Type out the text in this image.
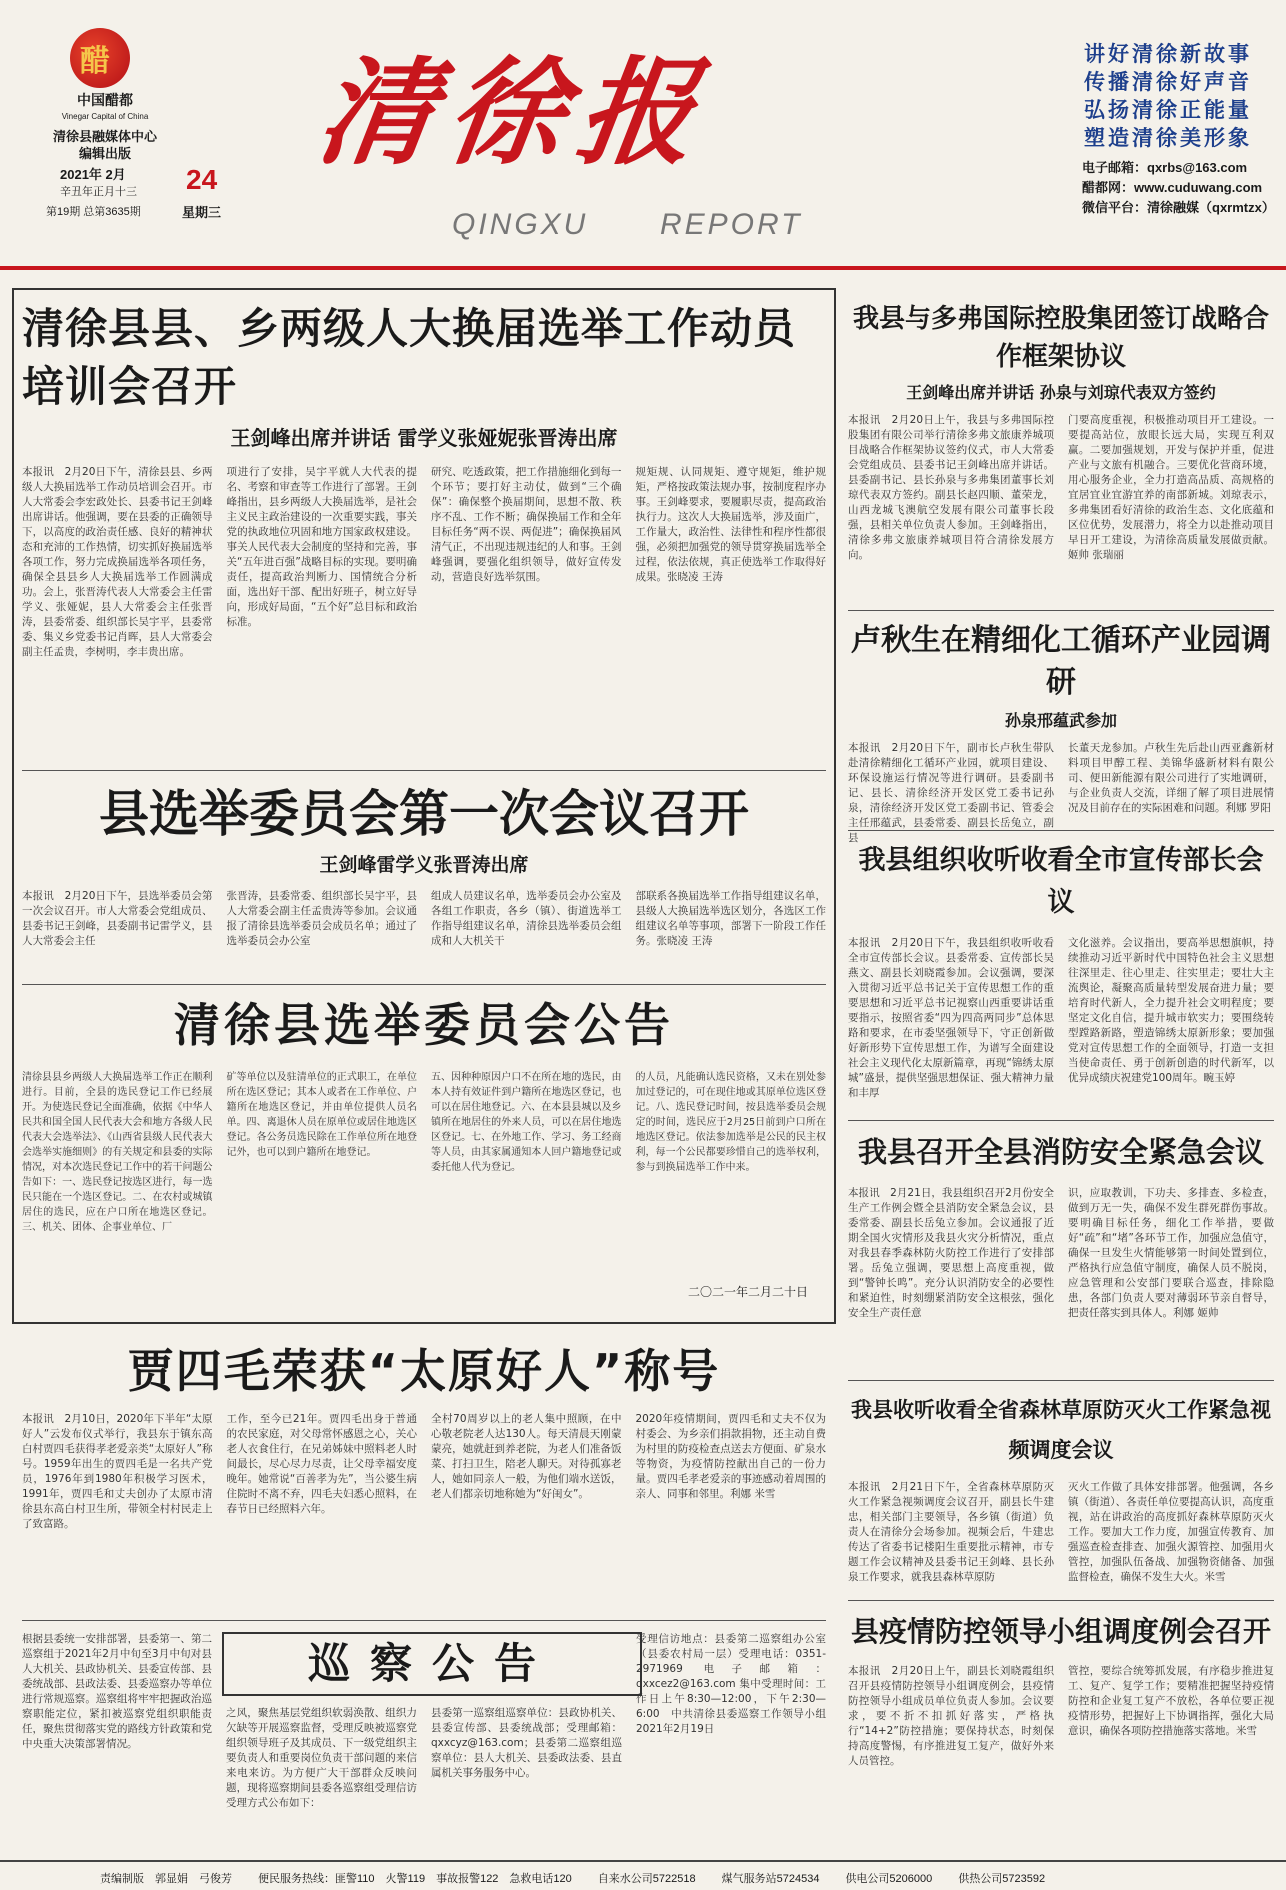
醋
中国醋都
Vinegar Capital of China
清徐县融媒体中心
编辑出版
2021年 2月
辛丑年正月十三
第19期 总第3635期
24
星期三
清徐报
QINGXU REPORT
讲好清徐新故事
传播清徐好声音
弘扬清徐正能量
塑造清徐美形象
电子邮箱：qxrbs@163.com
醋都网：www.cuduwang.com
微信平台：清徐融媒（qxrmtzx）
清徐县县、乡两级人大换届选举工作动员培训会召开
王剑峰出席并讲话 雷学义张娅妮张晋涛出席

本报讯　2月20日下午，清徐县县、乡两级人大换届选举工作动员培训会召开。市人大常委会李宏政处长、县委书记王剑峰出席讲话。他强调，要在县委的正确领导下，以高度的政治责任感、良好的精神状态和充沛的工作热情，切实抓好换届选举各项工作，努力完成换届选举各项任务，确保全县县乡人大换届选举工作圆满成功。会上，张晋涛代表人大常委会主任雷学义、张娅妮，县人大常委会主任张晋涛，县委常委、组织部长吴宇平，县委常委、集义乡党委书记肖晖，县人大常委会副主任孟贵，李树明，李丰贵出席。

项进行了安排，吴宇平就人大代表的提名、考察和审查等工作进行了部署。王剑峰指出，县乡两级人大换届选举，是社会主义民主政治建设的一次重要实践，事关党的执政地位巩固和地方国家政权建设。事关人民代表大会制度的坚持和完善，事关“五年进百强”战略目标的实现。要明确责任，提高政治判断力、国情统合分析面，选出好干部、配出好班子，树立好导向，形成好局面，“五个好”总目标和政治标准。

研究、吃透政策，把工作措施细化到每一个环节；要打好主动仗，做到“三个确保”：确保整个换届期间，思想不散、秩序不乱、工作不断；确保换届工作和全年目标任务“两不误、两促进”；确保换届风清气正，不出现违规违纪的人和事。王剑峰强调，要强化组织领导，做好宣传发动，营造良好选举氛围。

规矩规、认同规矩、遵守规矩，维护规矩，严格按政策法规办事，按制度程序办事。王剑峰要求，要履职尽责，提高政治执行力。这次人大换届选举，涉及面广，工作量大，政治性、法律性和程序性都很强，必须把加强党的领导贯穿换届选举全过程，依法依规，真正使选举工作取得好成果。张晓凌 王涛

县选举委员会第一次会议召开
王剑峰雷学义张晋涛出席

本报讯　2月20日下午，县选举委员会第一次会议召开。市人大常委会党组成员、县委书记王剑峰，县委副书记雷学义，县人大常委会主任

张晋涛，县委常委、组织部长吴宇平，县人大常委会副主任孟贵涛等参加。会议通报了清徐县选举委员会成员名单；通过了选举委员会办公室

组成人员建议名单，选举委员会办公室及各组工作职责，各乡（镇）、街道选举工作指导组建议名单，清徐县选举委员会组成和人大机关干

部联系各换届选举工作指导组建议名单，县级人大换届选举选区划分，各选区工作组建议名单等事项，部署下一阶段工作任务。张晓凌 王涛

清徐县选举委员会公告

清徐县县乡两级人大换届选举工作正在顺利进行。目前，全县的选民登记工作已经展开。为使选民登记全面准确，依据《中华人民共和国全国人民代表大会和地方各级人民代表大会选举法》、《山西省县级人民代表大会选举实施细则》的有关规定和县委的实际情况，对本次选民登记工作中的若干问题公告如下：一、选民登记按选区进行，每一选民只能在一个选区登记。二、在农村或城镇居住的选民，应在户口所在地选区登记。三、机关、团体、企事业单位、厂

矿等单位以及驻清单位的正式职工，在单位所在选区登记；其本人或者在工作单位、户籍所在地选区登记，并由单位提供人员名单。四、离退休人员在原单位或居住地选区登记。各公务员选民除在工作单位所在地登记外，也可以到户籍所在地登记。

五、因种种原因户口不在所在地的选民，由本人持有效证件到户籍所在地选区登记，也可以在居住地登记。六、在本县县城以及乡镇所在地居住的外来人员，可以在居住地选区登记。七、在外地工作、学习、务工经商等人员，由其家属通知本人回户籍地登记或委托他人代为登记。

的人员，凡能确认选民资格，又未在别处参加过登记的，可在现住地或其原单位选区登记。八、选民登记时间，按县选举委员会规定的时间，选民应于2月25日前到户口所在地选区登记。依法参加选举是公民的民主权利，每一个公民都要珍惜自己的选举权利，参与到换届选举工作中来。

二〇二一年二月二十日
贾四毛荣获“太原好人”称号

本报讯　2月10日，2020年下半年“太原好人”云发布仪式举行，我县东于镇东高白村贾四毛获得孝老爱亲类“太原好人”称号。1959年出生的贾四毛是一名共产党员，1976年到1980年积极学习医术，1991年，贾四毛和丈夫创办了太原市清徐县东高白村卫生所，带领全村村民走上了致富路。

工作，至今已21年。贾四毛出身于普通的农民家庭，对父母常怀感恩之心，关心老人衣食住行，在兄弟姊妹中照料老人时间最长，尽心尽力尽责，让父母幸福安度晚年。她常说“百善孝为先”，当公婆生病住院时不离不弃，四毛夫妇悉心照料，在春节日已经照料六年。

全村70周岁以上的老人集中照顾，在中心敬老院老人达130人。每天清晨天刚蒙蒙亮，她就赶到养老院，为老人们准备饭菜、打扫卫生，陪老人聊天。对待孤寡老人，她如同亲人一般，为他们端水送饭，老人们都亲切地称她为“好闺女”。

2020年疫情期间，贾四毛和丈夫不仅为村委会、为乡亲们捐款捐物，还主动自费为村里的防疫检查点送去方便面、矿泉水等物资，为疫情防控献出自己的一份力量。贾四毛孝老爱亲的事迹感动着周围的亲人、同事和邻里。利娜 米雪

巡察公告

根据县委统一安排部署，县委第一、第二巡察组于2021年2月中旬至3月中旬对县人大机关、县政协机关、县委宣传部、县委统战部、县政法委、县委巡察办等单位进行常规巡察。巡察组将牢牢把握政治巡察职能定位，紧扣被巡察党组织职能责任，聚焦贯彻落实党的路线方针政策和党中央重大决策部署情况。

之风，聚焦基层党组织软弱涣散、组织力欠缺等开展巡察监督，受理反映被巡察党组织领导班子及其成员、下一级党组织主要负责人和重要岗位负责干部问题的来信来电来访。为方便广大干部群众反映问题，现将巡察期间县委各巡察组受理信访受理方式公布如下：

县委第一巡察组巡察单位：县政协机关、县委宣传部、县委统战部；受理邮箱：qxxcyz@163.com；县委第二巡察组巡察单位：县人大机关、县委政法委、县直属机关事务服务中心。

受理信访地点：县委第二巡察组办公室（县委农村局一层）受理电话：0351-2971969 电子邮箱：qxxcez2@163.com 集中受理时间：工作日上午8:30—12:00，下午2:30—6:00　中共清徐县委巡察工作领导小组　2021年2月19日

我县与多弗国际控股集团签订战略合作框架协议
王剑峰出席并讲话 孙泉与刘琼代表双方签约

本报讯　2月20日上午，我县与多弗国际控股集团有限公司举行清徐多弗文旅康养城项目战略合作框架协议签约仪式，市人大常委会党组成员、县委书记王剑峰出席并讲话。县委副书记、县长孙泉与多弗集团董事长刘琼代表双方签约。副县长赵四顺、董荣龙，山西龙城飞澳航空发展有限公司董事长段强，县相关单位负责人参加。王剑峰指出，清徐多弗文旅康养城项目符合清徐发展方向。

门要高度重视，积极推动项目开工建设。一要提高站位，放眼长远大局，实现互利双赢。二要加强规划，开发与保护并重，促进产业与文旅有机融合。三要优化营商环境，用心服务企业，全力打造高品质、高规格的宜居宜业宜游宜养的南部新城。刘琼表示，多弗集团看好清徐的政治生态、文化底蕴和区位优势，发展潜力，将全力以赴推动项目早日开工建设，为清徐高质量发展做贡献。姬帅 张瑞丽

卢秋生在精细化工循环产业园调研
孙泉邢蕴武参加

本报讯　2月20日下午，副市长卢秋生带队赴清徐精细化工循环产业园，就项目建设、环保设施运行情况等进行调研。县委副书记、县长、清徐经济开发区党工委书记孙泉，清徐经济开发区党工委副书记、管委会主任邢蕴武，县委常委、副县长岳兔立，副县

长董天龙参加。卢秋生先后赴山西亚鑫新材料项目甲醇工程、美锦华盛新材料有限公司、便田新能源有限公司进行了实地调研，与企业负责人交流，详细了解了项目进展情况及目前存在的实际困难和问题。利娜 罗阳

我县组织收听收看全市宣传部长会议

本报讯　2月20日下午，我县组织收听收看全市宣传部长会议。县委常委、宣传部长吴燕文、副县长刘晓霞参加。会议强调，要深入贯彻习近平总书记关于宣传思想工作的重要思想和习近平总书记视察山西重要讲话重要指示，按照省委“四为四高两同步”总体思路和要求，在市委坚强领导下，守正创新做好新形势下宣传思想工作，为谱写全面建设社会主义现代化太原新篇章，再现“锦绣太原城”盛景，提供坚强思想保证、强大精神力量和丰厚

文化滋养。会议指出，要高举思想旗帜，持续推动习近平新时代中国特色社会主义思想往深里走、往心里走、往实里走；要壮大主流舆论，凝聚高质量转型发展奋进力量；要培育时代新人，全力提升社会文明程度；要坚定文化自信，提升城市软实力；要围绕转型蹚路新路，塑造锦绣太原新形象；要加强党对宣传思想工作的全面领导，打造一支担当使命责任、勇于创新创造的时代新军，以优异成绩庆祝建党100周年。畹玉婷

我县召开全县消防安全紧急会议

本报讯　2月21日，我县组织召开2月份安全生产工作例会暨全县消防安全紧急会议，县委常委、副县长岳兔立参加。会议通报了近期全国火灾情形及我县火灾分析情况，重点对我县春季森林防火防控工作进行了安排部署。岳兔立强调，要思想上高度重视，做到“警钟长鸣”。充分认识消防安全的必要性和紧迫性，时刻绷紧消防安全这根弦，强化安全生产责任意

识，应取教训，下功夫、多排查、多检查，做到万无一失，确保不发生群死群伤事故。要明确目标任务，细化工作举措，要做好“疏”和“堵”各环节工作，加强应急值守，确保一旦发生火情能够第一时间处置到位，严格执行应急值守制度，确保人员不脱岗，应急管理和公安部门要联合巡查，排除隐患，各部门负责人要对薄弱环节亲自督导，把责任落实到具体人。利娜 姬帅

我县收听收看全省森林草原防灭火工作紧急视频调度会议

本报讯　2月21日下午，全省森林草原防灭火工作紧急视频调度会议召开，副县长牛建忠，相关部门主要领导，各乡镇（街道）负责人在清徐分会场参加。视频会后，牛建忠传达了省委书记楼阳生重要批示精神，市专题工作会议精神及县委书记王剑峰、县长孙泉工作要求，就我县森林草原防

灭火工作做了具体安排部署。他强调，各乡镇（街道）、各责任单位要提高认识，高度重视，站在讲政治的高度抓好森林草原防灭火工作。要加大工作力度，加强宣传教育、加强巡查检查排查、加强火源管控、加强用火管控，加强队伍备战、加强物资储备、加强监督检查，确保不发生大火。米雪

县疫情防控领导小组调度例会召开

本报讯　2月20日上午，副县长刘晓霞组织召开县疫情防控领导小组调度例会，县疫情防控领导小组成员单位负责人参加。会议要求，要不折不扣抓好落实，严格执行“14+2”防控措施；要保持状态，时刻保持高度警惕，有序推进复工复产，做好外来人员管控。

管控，要综合统筹抓发展，有序稳步推进复工、复产、复学工作；要精准把握坚持疫情防控和企业复工复产不放松，各单位要正视疫情形势，把握好上下协调指挥，强化大局意识，确保各项防控措施落实落地。米雪

责编制版　郭显娟　弓俊芳 便民服务热线：匪警110　火警119　事故报警122　急救电话120 自来水公司5722518 煤气服务站5724534 供电公司5206000 供热公司5723592
